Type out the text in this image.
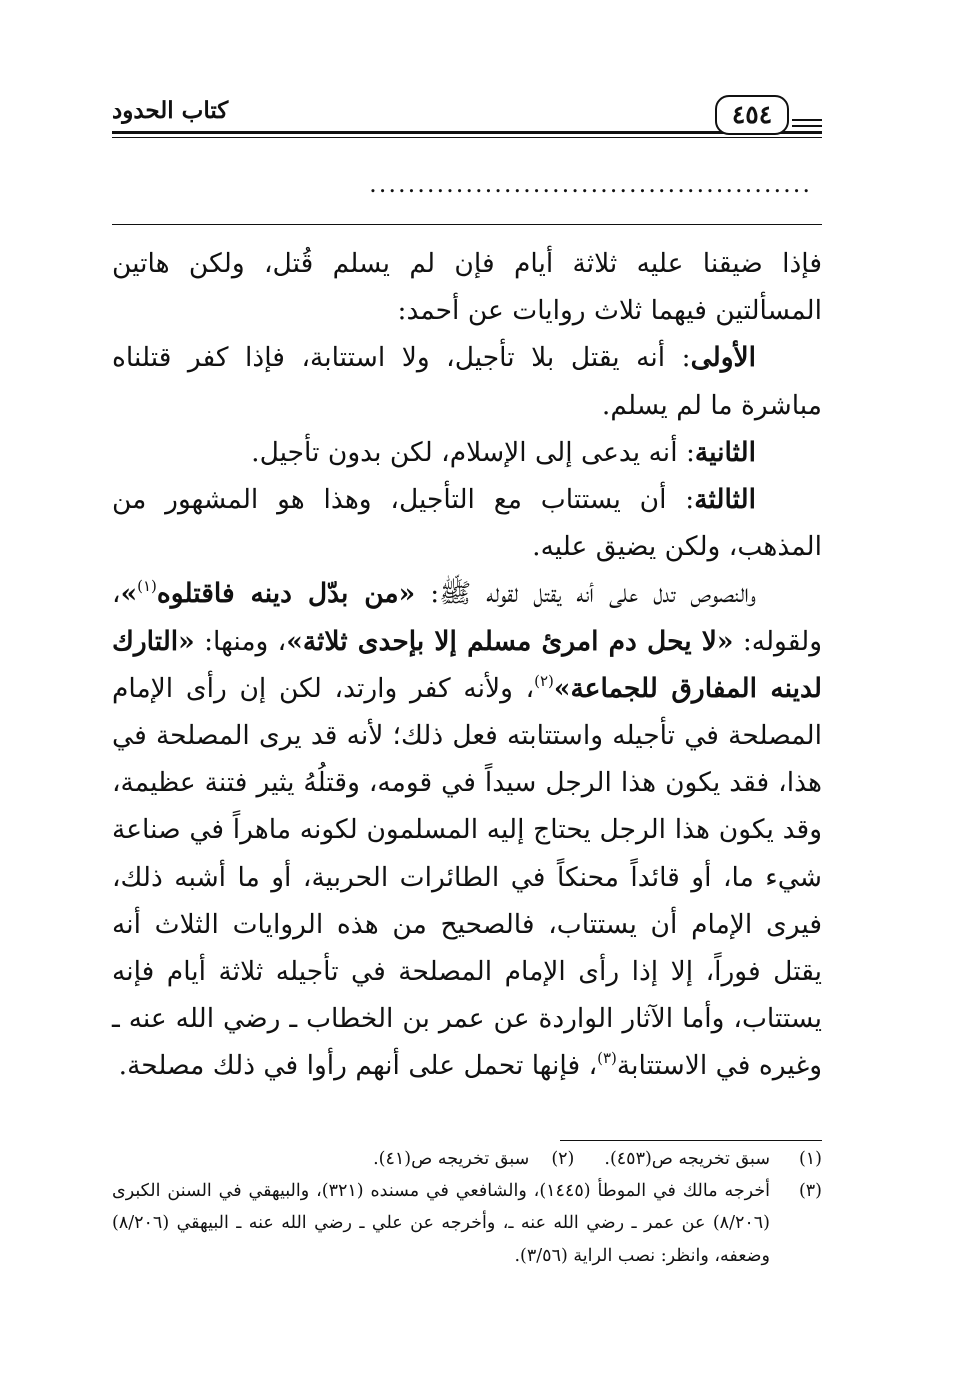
كتاب الحدود	٤٥٤
..............................................

فإذا ضيقنا عليه ثلاثة أيام فإن لم يسلم قُتل، ولكن هاتين المسألتين فيهما ثلاث روايات عن أحمد:

الأولى: أنه يقتل بلا تأجيل، ولا استتابة، فإذا كفر قتلناه مباشرة ما لم يسلم.

الثانية: أنه يدعى إلى الإسلام، لكن بدون تأجيل.

الثالثة: أن يستتاب مع التأجيل، وهذا هو المشهور من المذهب، ولكن يضيق عليه.

والنصوص تدل على أنه يقتل لقوله ﷺ: «من بدّل دينه فاقتلوه$^{(١)}$»، ولقوله: «لا يحل دم امرئ مسلم إلا بإحدى ثلاثة»، ومنها: «التارك لدينه المفارق للجماعة»$^{(٢)}$، ولأنه كفر وارتد، لكن إن رأى الإمام المصلحة في تأجيله واستتابته فعل ذلك؛ لأنه قد يرى المصلحة في هذا، فقد يكون هذا الرجل سيداً في قومه، وقتلُهُ يثير فتنة عظيمة، وقد يكون هذا الرجل يحتاج إليه المسلمون لكونه ماهراً في صناعة شيء ما، أو قائداً محنكاً في الطائرات الحربية، أو ما أشبه ذلك، فيرى الإمام أن يستتاب، فالصحيح من هذه الروايات الثلاث أنه يقتل فوراً، إلا إذا رأى الإمام المصلحة في تأجيله ثلاثة أيام فإنه يستتاب، وأما الآثار الواردة عن عمر بن الخطاب ـ رضي الله عنه ـ وغيره في الاستتابة$^{(٣)}$، فإنها تحمل على أنهم رأوا في ذلك مصلحة.

(١)
سبق تخريجه ص(٤٥٣).
(٢)
سبق تخريجه ص(٤١).
(٣)
أخرجه مالك في الموطأ (١٤٤٥)، والشافعي في مسنده (٣٢١)، والبيهقي في السنن الكبرى (٨/٢٠٦) عن عمر ـ رضي الله عنه ـ، وأخرجه عن علي ـ رضي الله عنه ـ البيهقي (٨/٢٠٦) وضعفه، وانظر: نصب الراية (٣/٥٦).
